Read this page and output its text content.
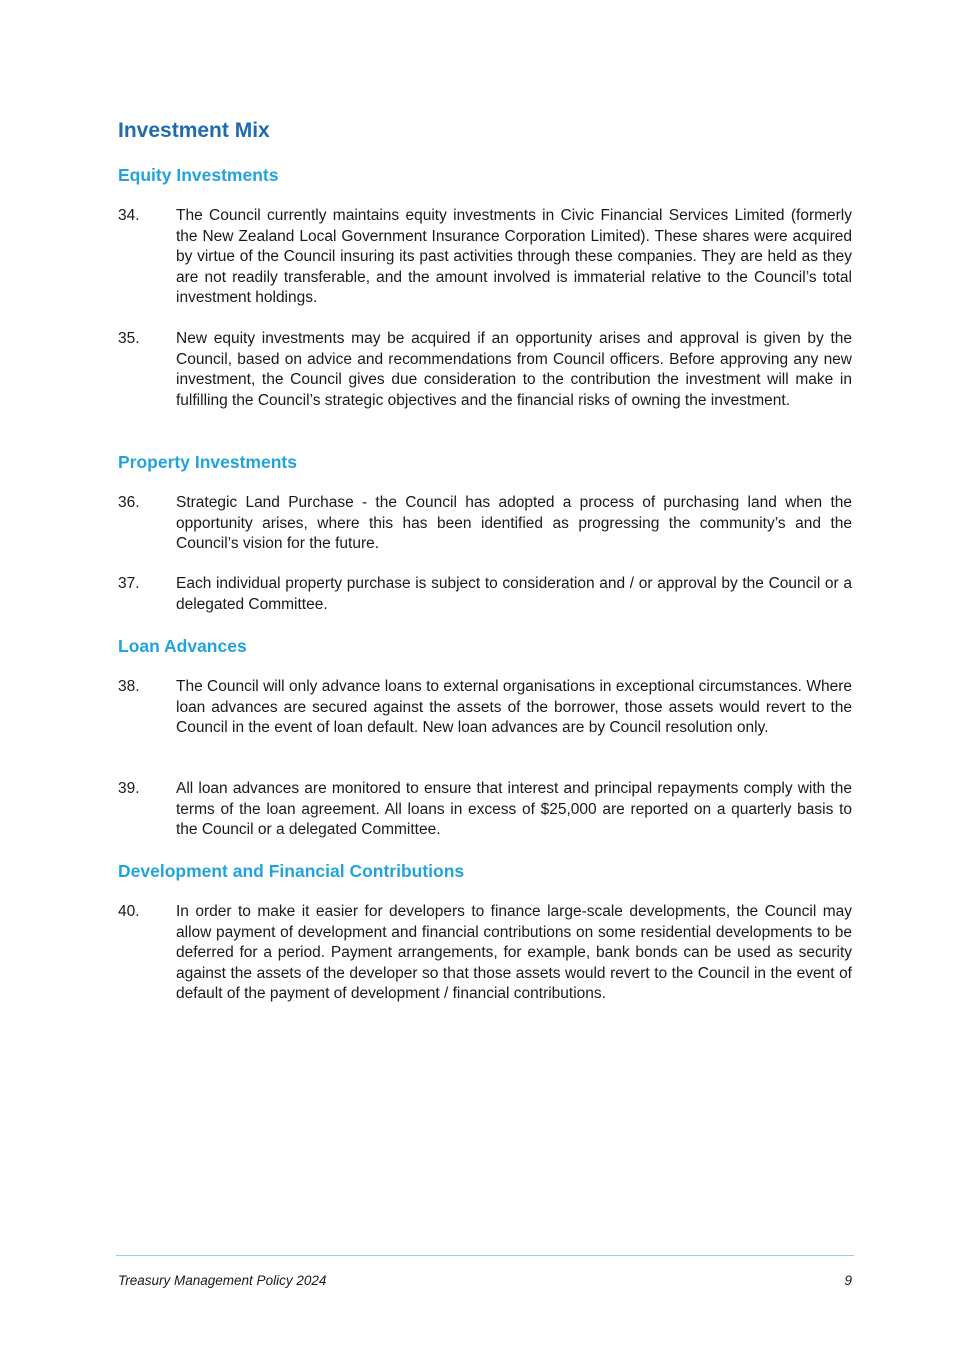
Investment Mix
Equity Investments
34. The Council currently maintains equity investments in Civic Financial Services Limited (formerly the New Zealand Local Government Insurance Corporation Limited). These shares were acquired by virtue of the Council insuring its past activities through these companies. They are held as they are not readily transferable, and the amount involved is immaterial relative to the Council’s total investment holdings.
35. New equity investments may be acquired if an opportunity arises and approval is given by the Council, based on advice and recommendations from Council officers. Before approving any new investment, the Council gives due consideration to the contribution the investment will make in fulfilling the Council’s strategic objectives and the financial risks of owning the investment.
Property Investments
36. Strategic Land Purchase - the Council has adopted a process of purchasing land when the opportunity arises, where this has been identified as progressing the community’s and the Council’s vision for the future.
37. Each individual property purchase is subject to consideration and / or approval by the Council or a delegated Committee.
Loan Advances
38. The Council will only advance loans to external organisations in exceptional circumstances. Where loan advances are secured against the assets of the borrower, those assets would revert to the Council in the event of loan default. New loan advances are by Council resolution only.
39. All loan advances are monitored to ensure that interest and principal repayments comply with the terms of the loan agreement. All loans in excess of $25,000 are reported on a quarterly basis to the Council or a delegated Committee.
Development and Financial Contributions
40. In order to make it easier for developers to finance large-scale developments, the Council may allow payment of development and financial contributions on some residential developments to be deferred for a period. Payment arrangements, for example, bank bonds can be used as security against the assets of the developer so that those assets would revert to the Council in the event of default of the payment of development / financial contributions.
Treasury Management Policy 2024	9
